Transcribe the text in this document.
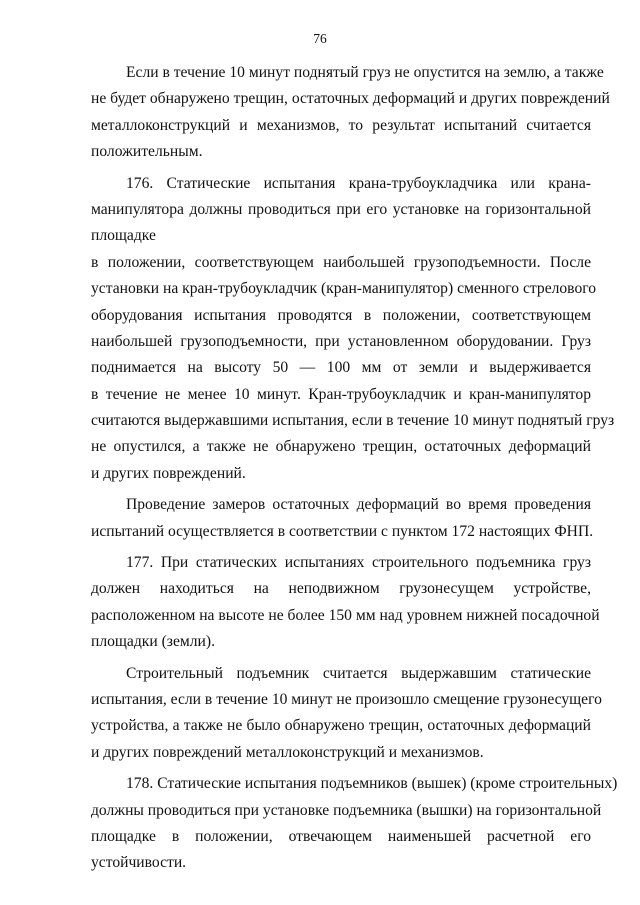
76
Если в течение 10 минут поднятый груз не опустится на землю, а также
не будет обнаружено трещин, остаточных деформаций и других повреждений
металлоконструкций и механизмов, то результат испытаний считается
положительным.
176. Статические испытания крана-трубоукладчика или крана-
манипулятора должны проводиться при его установке на горизонтальной
площадке
в положении, соответствующем наибольшей грузоподъемности. После
установки на кран-трубоукладчик (кран-манипулятор) сменного стрелового
оборудования испытания проводятся в положении, соответствующем
наибольшей грузоподъемности, при установленном оборудовании. Груз
поднимается на высоту 50 — 100 мм от земли и выдерживается
в течение не менее 10 минут. Кран-трубоукладчик и кран-манипулятор
считаются выдержавшими испытания, если в течение 10 минут поднятый груз
не опустился, а также не обнаружено трещин, остаточных деформаций
и других повреждений.
Проведение замеров остаточных деформаций во время проведения
испытаний осуществляется в соответствии с пунктом 172 настоящих ФНП.
177. При статических испытаниях строительного подъемника груз
должен находиться на неподвижном грузонесущем устройстве,
расположенном на высоте не более 150 мм над уровнем нижней посадочной
площадки (земли).
Строительный подъемник считается выдержавшим статические
испытания, если в течение 10 минут не произошло смещение грузонесущего
устройства, а также не было обнаружено трещин, остаточных деформаций
и других повреждений металлоконструкций и механизмов.
178. Статические испытания подъемников (вышек) (кроме строительных)
должны проводиться при установке подъемника (вышки) на горизонтальной
площадке в положении, отвечающем наименьшей расчетной его
устойчивости.
